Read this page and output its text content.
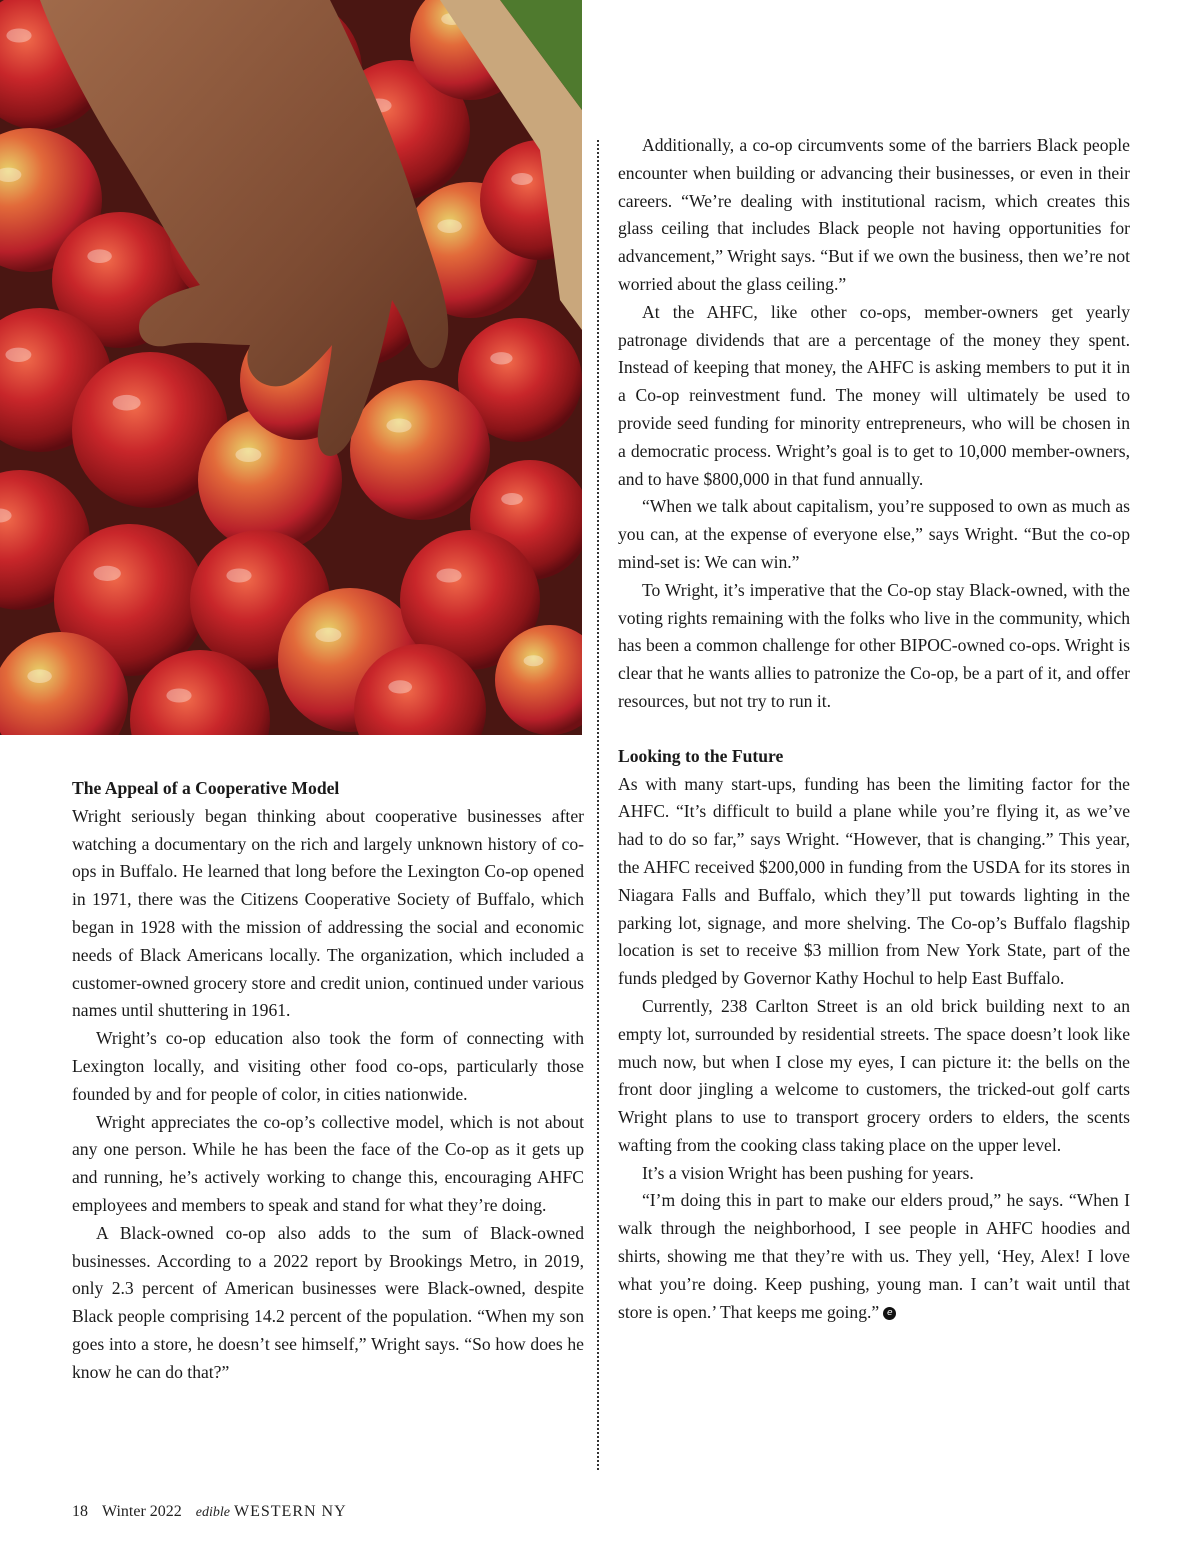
The Appeal of a Cooperative Model

Wright seriously began thinking about cooperative businesses after watching a documentary on the rich and largely unknown history of co-ops in Buffalo. He learned that long before the Lexington Co-op opened in 1971, there was the Citizens Cooperative Society of Buffalo, which began in 1928 with the mission of addressing the social and economic needs of Black Americans locally. The organization, which included a customer-owned grocery store and credit union, continued under various names until shuttering in 1961.

Wright’s co-op education also took the form of connecting with Lexington locally, and visiting other food co-ops, particularly those founded by and for people of color, in cities nationwide.

Wright appreciates the co-op’s collective model, which is not about any one person. While he has been the face of the Co-op as it gets up and running, he’s actively working to change this, encouraging AHFC employees and members to speak and stand for what they’re doing.

A Black-owned co-op also adds to the sum of Black-owned businesses. According to a 2022 report by Brookings Metro, in 2019, only 2.3 percent of American businesses were Black-owned, despite Black people comprising 14.2 percent of the population. “When my son goes into a store, he doesn’t see himself,” Wright says. “So how does he know he can do that?”

Additionally, a co-op circumvents some of the barriers Black people encounter when building or advancing their businesses, or even in their careers. “We’re dealing with institutional racism, which creates this glass ceiling that includes Black people not having opportunities for advancement,” Wright says. “But if we own the business, then we’re not worried about the glass ceiling.”

At the AHFC, like other co-ops, member-owners get yearly patronage dividends that are a percentage of the money they spent. Instead of keeping that money, the AHFC is asking members to put it in a Co-op reinvestment fund. The money will ultimately be used to provide seed funding for minority entrepreneurs, who will be chosen in a democratic process. Wright’s goal is to get to 10,000 member-owners, and to have $800,000 in that fund annually.

“When we talk about capitalism, you’re supposed to own as much as you can, at the expense of everyone else,” says Wright. “But the co-op mind-set is: We can win.”

To Wright, it’s imperative that the Co-op stay Black-owned, with the voting rights remaining with the folks who live in the community, which has been a common challenge for other BIPOC-owned co-ops. Wright is clear that he wants allies to patronize the Co-op, be a part of it, and offer resources, but not try to run it.

Looking to the Future

As with many start-ups, funding has been the limiting factor for the AHFC. “It’s difficult to build a plane while you’re flying it, as we’ve had to do so far,” says Wright. “However, that is changing.” This year, the AHFC received $200,000 in funding from the USDA for its stores in Niagara Falls and Buffalo, which they’ll put towards lighting in the parking lot, signage, and more shelving. The Co-op’s Buffalo flagship location is set to receive $3 million from New York State, part of the funds pledged by Governor Kathy Hochul to help East Buffalo.

Currently, 238 Carlton Street is an old brick building next to an empty lot, surrounded by residential streets. The space doesn’t look like much now, but when I close my eyes, I can picture it: the bells on the front door jingling a welcome to customers, the tricked-out golf carts Wright plans to use to transport grocery orders to elders, the scents wafting from the cooking class taking place on the upper level.

It’s a vision Wright has been pushing for years.

“I’m doing this in part to make our elders proud,” he says. “When I walk through the neighborhood, I see people in AHFC hoodies and shirts, showing me that they’re with us. They yell, ‘Hey, Alex! I love what you’re doing. Keep pushing, young man. I can’t wait until that store is open.’ That keeps me going.” e

18 Winter 2022 edible WESTERN NY
